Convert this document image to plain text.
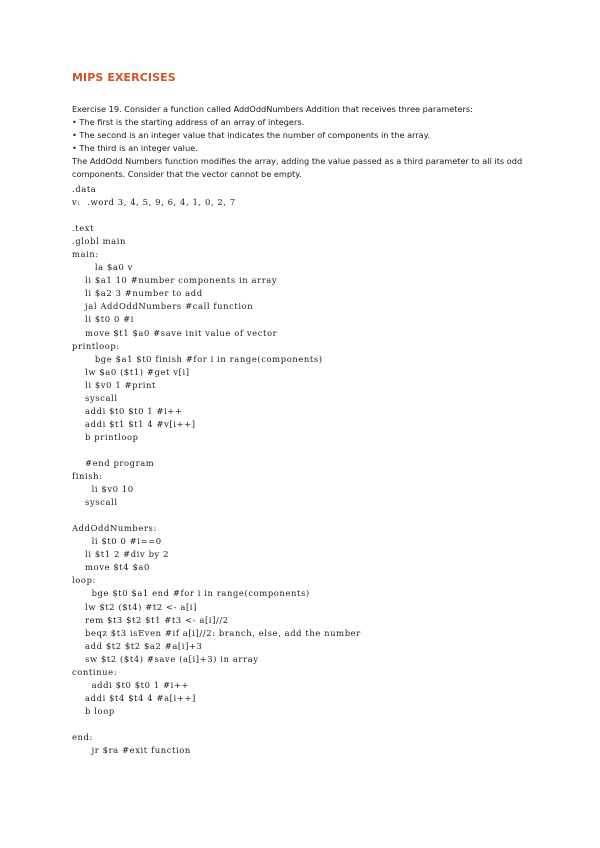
MIPS EXERCISES
Exercise 19. Consider a function called AddOddNumbers Addition that receives three parameters:
• The first is the starting address of an array of integers.
• The second is an integer value that indicates the number of components in the array.
• The third is an integer value.
The AddOdd Numbers function modifies the array, adding the value passed as a third parameter to all its odd
components. Consider that the vector cannot be empty.
.data
v:  .word 3, 4, 5, 9, 6, 4, 1, 0, 2, 7
.text
.globl main
main:
la $a0 v
li $a1 10 #number components in array
li $a2 3 #number to add
jal AddOddNumbers #call function
li $t0 0 #i
move $t1 $a0 #save init value of vector
printloop:
bge $a1 $t0 finish #for i in range(components)
lw $a0 ($t1) #get v[i]
li $v0 1 #print
syscall
addi $t0 $t0 1 #i++
addi $t1 $t1 4 #v[i++]
b printloop
#end program
finish:
li $v0 10
syscall
AddOddNumbers:
li $t0 0 #i==0
li $t1 2 #div by 2
move $t4 $a0
loop:
bge $t0 $a1 end #for i in range(components)
lw $t2 ($t4) #t2 <- a[i]
rem $t3 $t2 $t1 #t3 <- a[i]//2
beqz $t3 isEven #if a[i]//2: branch, else, add the number
add $t2 $t2 $a2 #a[i]+3
sw $t2 ($t4) #save (a[i]+3) in array
continue:
addi $t0 $t0 1 #i++
addi $t4 $t4 4 #a[i++]
b loop
end:
jr $ra #exit function
